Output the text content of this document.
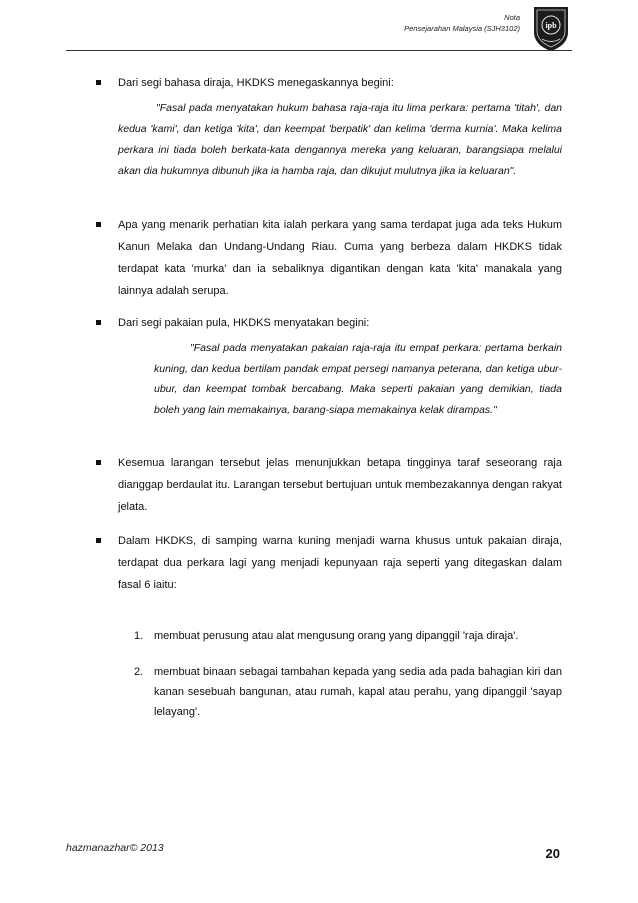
Nota
Pensejarahan Malaysia (SJH3102)	ipb
Dari segi bahasa diraja, HKDKS menegaskannya begini:
"Fasal pada menyatakan hukum bahasa raja-raja itu lima perkara: pertama 'titah', dan kedua 'kami', dan ketiga 'kita', dan keempat 'berpatik' dan kelima 'derma kurnia'. Maka kelima perkara ini tiada boleh berkata-kata dengannya mereka yang keluaran, barangsiapa melalui akan dia hukumnya dibunuh jika ia hamba raja, dan dikujut mulutnya jika ia keluaran".
Apa yang menarik perhatian kita ialah perkara yang sama terdapat juga ada teks Hukum Kanun Melaka dan Undang-Undang Riau. Cuma yang berbeza dalam HKDKS tidak terdapat kata 'murka' dan ia sebaliknya digantikan dengan kata 'kita' manakala yang lainnya adalah serupa.
Dari segi pakaian pula, HKDKS menyatakan begini:
"Fasal pada menyatakan pakaian raja-raja itu empat perkara: pertama berkain kuning, dan kedua bertilam pandak empat persegi namanya peterana, dan ketiga ubur-ubur, dan keempat tombak bercabang. Maka seperti pakaian yang demikian, tiada boleh yang lain memakainya, barang-siapa memakainya kelak dirampas."
Kesemua larangan tersebut jelas menunjukkan betapa tingginya taraf seseorang raja dianggap berdaulat itu. Larangan tersebut bertujuan untuk membezakannya dengan rakyat jelata.
Dalam HKDKS, di samping warna kuning menjadi warna khusus untuk pakaian diraja, terdapat dua perkara lagi yang menjadi kepunyaan raja seperti yang ditegaskan dalam fasal 6 iaitu:
1. membuat perusung atau alat mengusung orang yang dipanggil 'raja diraja'.
2. membuat binaan sebagai tambahan kepada yang sedia ada pada bahagian kiri dan kanan sesebuah bangunan, atau rumah, kapal atau perahu, yang dipanggil 'sayap lelayang'.
hazmanazhar© 2013	20
